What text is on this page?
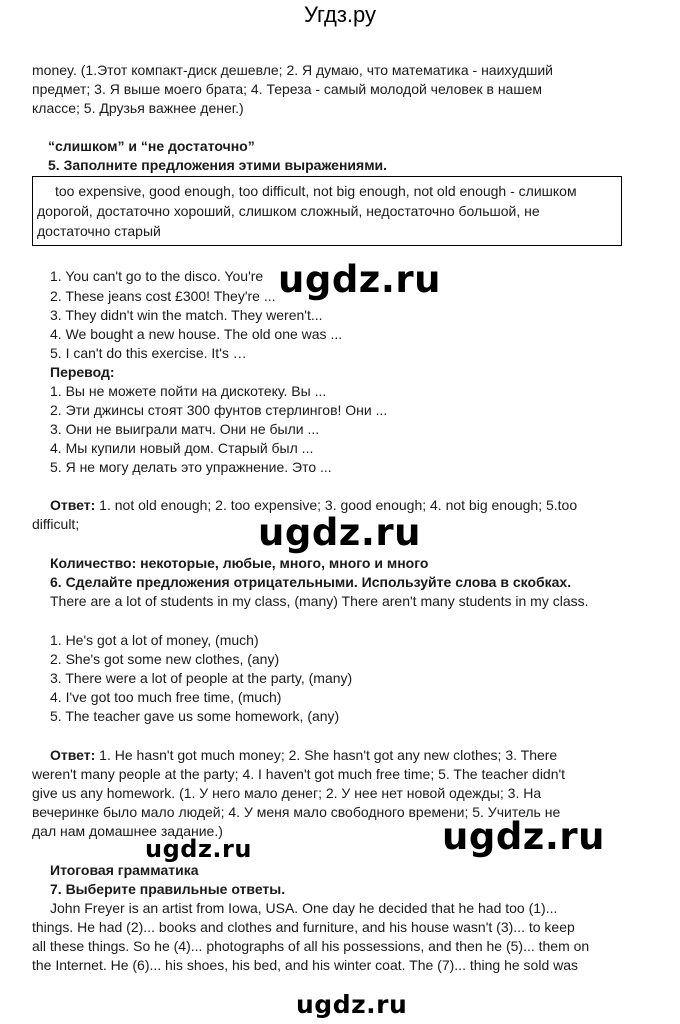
Угдз.ру
money. (1.Этот компакт-диск дешевле; 2. Я думаю, что математика - наихудший
предмет; 3. Я выше моего брата; 4. Тереза - самый молодой человек в нашем
классе; 5. Друзья важнее денег.)
“слишком” и “не достаточно”
5. Заполните предложения этими выражениями.
too expensive, good enough, too difficult, not big enough, not old enough - слишком
дорогой, достаточно хороший, слишком сложный, недостаточно большой, не
достаточно старый
1. You can't go to the disco. You're
2. These jeans cost £300! They're ...
3. They didn't win the match. They weren't...
4. We bought a new house. The old one was ...
5. I can't do this exercise. It's …
Перевод:
1. Вы не можете пойти на дискотеку. Вы ...
2. Эти джинсы стоят 300 фунтов стерлингов! Они ...
3. Они не выиграли матч. Они не были ...
4. Мы купили новый дом. Старый был ...
5. Я не могу делать это упражнение. Это ...
Ответ: 1. not old enough; 2. too expensive; 3. good enough; 4. not big enough; 5.too
difficult;
Количество: некоторые, любые, много, много и много
6. Сделайте предложения отрицательными. Используйте слова в скобках.
There are a lot of students in my class, (many) There aren't many students in my class.
1. He's got a lot of money, (much)
2. She's got some new clothes, (any)
3. There were a lot of people at the party, (many)
4. I've got too much free time, (much)
5. The teacher gave us some homework, (any)
Ответ: 1. He hasn't got much money; 2. She hasn't got any new clothes; 3. There
weren't many people at the party; 4. I haven't got much free time; 5. The teacher didn't
give us any homework. (1. У него мало денег; 2. У нее нет новой одежды; 3. На
вечеринке было мало людей; 4. У меня мало свободного времени; 5. Учитель не
дал нам домашнее задание.)
Итоговая грамматика
7. Выберите правильные ответы.
John Freyer is an artist from Iowa, USA. One day he decided that he had too (1)...
things. He had (2)... books and clothes and furniture, and his house wasn't (3)... to keep
all these things. So he (4)... photographs of all his possessions, and then he (5)... them on
the Internet. He (6)... his shoes, his bed, and his winter coat. The (7)... thing he sold was
ugdz.ru
ugdz.ru
ugdz.ru
ugdz.ru
ugdz.ru
